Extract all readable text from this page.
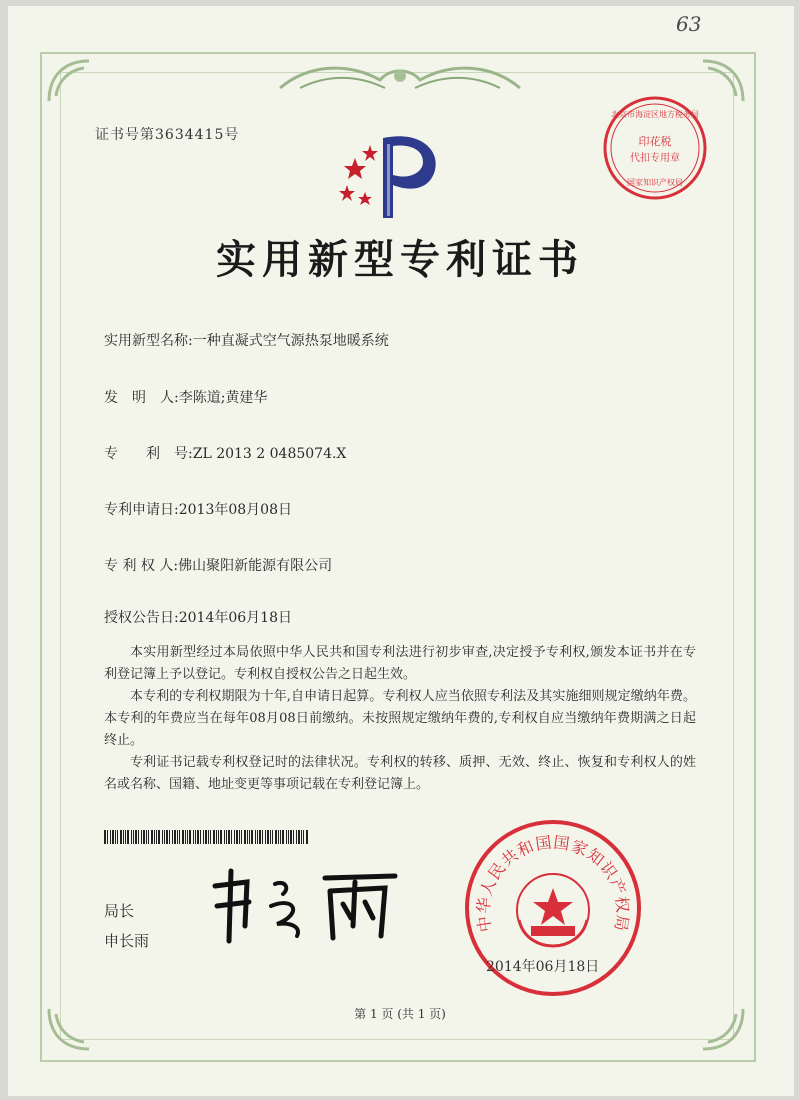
63
证书号第3634415号
北京市海淀区地方税务局
印花税
代扣专用章
国家知识产权局
实用新型专利证书
实用新型名称:一种直凝式空气源热泵地暖系统
发　明　人:李陈道;黄建华
专　　利　号:ZL 2013 2 0485074.X
专利申请日:2013年08月08日
专 利 权 人:佛山聚阳新能源有限公司
授权公告日:2014年06月18日

本实用新型经过本局依照中华人民共和国专利法进行初步审查,决定授予专利权,颁发本证书并在专利登记簿上予以登记。专利权自授权公告之日起生效。

本专利的专利权期限为十年,自申请日起算。专利权人应当依照专利法及其实施细则规定缴纳年费。本专利的年费应当在每年08月08日前缴纳。未按照规定缴纳年费的,专利权自应当缴纳年费期满之日起终止。

专利证书记载专利权登记时的法律状况。专利权的转移、质押、无效、终止、恢复和专利权人的姓名或名称、国籍、地址变更等事项记载在专利登记簿上。

局长
申长雨
中华人民共和国国家知识产权局
2014年06月18日
第 1 页 (共 1 页)
